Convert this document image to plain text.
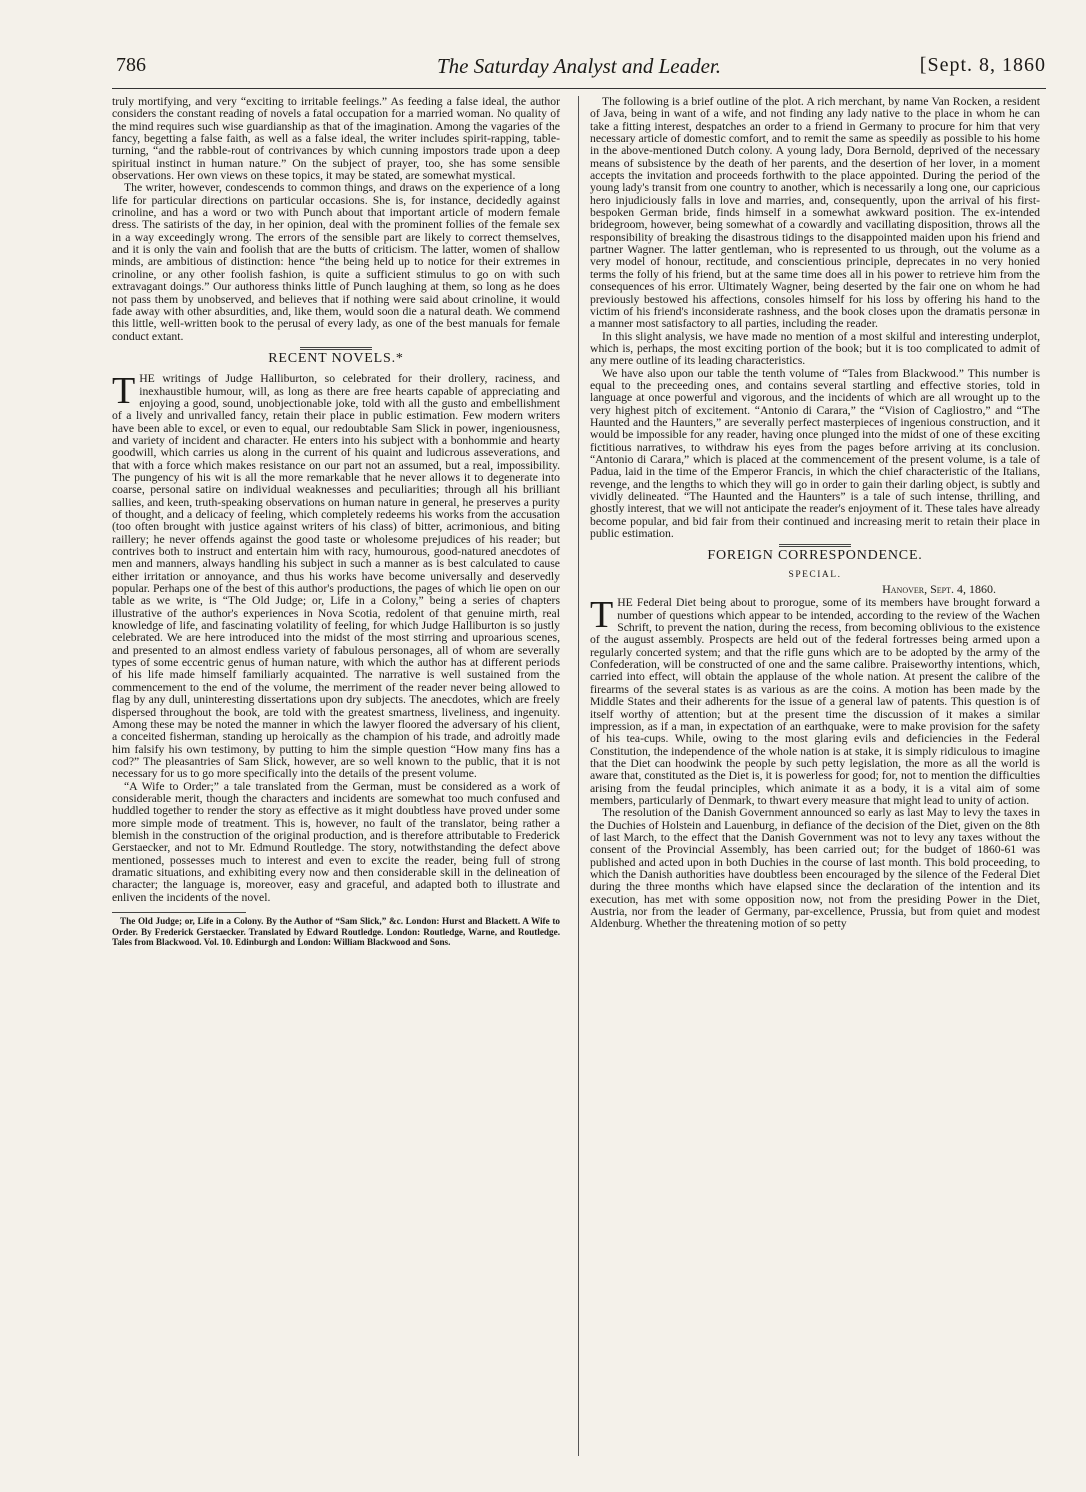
786	The Saturday Analyst and Leader.	[Sept. 8, 1860

truly mortifying, and very “exciting to irritable feelings.” As feeding a false ideal, the author considers the constant reading of novels a fatal occupation for a married woman. No quality of the mind requires such wise guardianship as that of the imagination. Among the vagaries of the fancy, begetting a false faith, as well as a false ideal, the writer includes spirit-rapping, table-turning, “and the rabble-rout of contrivances by which cunning impostors trade upon a deep spiritual instinct in human nature.” On the subject of prayer, too, she has some sensible observations. Her own views on these topics, it may be stated, are somewhat mystical.

The writer, however, condescends to common things, and draws on the experience of a long life for particular directions on particular occasions. She is, for instance, decidedly against crinoline, and has a word or two with Punch about that important article of modern female dress. The satirists of the day, in her opinion, deal with the prominent follies of the female sex in a way exceedingly wrong. The errors of the sensible part are likely to correct themselves, and it is only the vain and foolish that are the butts of criticism. The latter, women of shallow minds, are ambitious of distinction: hence “the being held up to notice for their extremes in crinoline, or any other foolish fashion, is quite a sufficient stimulus to go on with such extravagant doings.” Our authoress thinks little of Punch laughing at them, so long as he does not pass them by unobserved, and believes that if nothing were said about crinoline, it would fade away with other absurdities, and, like them, would soon die a natural death. We commend this little, well-written book to the perusal of every lady, as one of the best manuals for female conduct extant.

RECENT NOVELS.*

THE writings of Judge Halliburton, so celebrated for their drollery, raciness, and inexhaustible humour, will, as long as there are free hearts capable of appreciating and enjoying a good, sound, unobjectionable joke, told with all the gusto and embellishment of a lively and unrivalled fancy, retain their place in public estimation. Few modern writers have been able to excel, or even to equal, our redoubtable Sam Slick in power, ingeniousness, and variety of incident and character. He enters into his subject with a bonhommie and hearty goodwill, which carries us along in the current of his quaint and ludicrous asseverations, and that with a force which makes resistance on our part not an assumed, but a real, impossibility. The pungency of his wit is all the more remarkable that he never allows it to degenerate into coarse, personal satire on individual weaknesses and peculiarities; through all his brilliant sallies, and keen, truth-speaking observations on human nature in general, he preserves a purity of thought, and a delicacy of feeling, which completely redeems his works from the accusation (too often brought with justice against writers of his class) of bitter, acrimonious, and biting raillery; he never offends against the good taste or wholesome prejudices of his reader; but contrives both to instruct and entertain him with racy, humourous, good-natured anecdotes of men and manners, always handling his subject in such a manner as is best calculated to cause either irritation or annoyance, and thus his works have become universally and deservedly popular. Perhaps one of the best of this author's productions, the pages of which lie open on our table as we write, is “The Old Judge; or, Life in a Colony,” being a series of chapters illustrative of the author's experiences in Nova Scotia, redolent of that genuine mirth, real knowledge of life, and fascinating volatility of feeling, for which Judge Halliburton is so justly celebrated. We are here introduced into the midst of the most stirring and uproarious scenes, and presented to an almost endless variety of fabulous personages, all of whom are severally types of some eccentric genus of human nature, with which the author has at different periods of his life made himself familiarly acquainted. The narrative is well sustained from the commencement to the end of the volume, the merriment of the reader never being allowed to flag by any dull, uninteresting dissertations upon dry subjects. The anecdotes, which are freely dispersed throughout the book, are told with the greatest smartness, liveliness, and ingenuity. Among these may be noted the manner in which the lawyer floored the adversary of his client, a conceited fisherman, standing up heroically as the champion of his trade, and adroitly made him falsify his own testimony, by putting to him the simple question “How many fins has a cod?” The pleasantries of Sam Slick, however, are so well known to the public, that it is not necessary for us to go more specifically into the details of the present volume.

“A Wife to Order;” a tale translated from the German, must be considered as a work of considerable merit, though the characters and incidents are somewhat too much confused and huddled together to render the story as effective as it might doubtless have proved under some more simple mode of treatment. This is, however, no fault of the translator, being rather a blemish in the construction of the original production, and is therefore attributable to Frederick Gerstaecker, and not to Mr. Edmund Routledge. The story, notwithstanding the defect above mentioned, possesses much to interest and even to excite the reader, being full of strong dramatic situations, and exhibiting every now and then considerable skill in the delineation of character; the language is, moreover, easy and graceful, and adapted both to illustrate and enliven the incidents of the novel.

The Old Judge; or, Life in a Colony. By the Author of “Sam Slick,” &c. London: Hurst and Blackett. A Wife to Order. By Frederick Gerstaecker. Translated by Edward Routledge. London: Routledge, Warne, and Routledge. Tales from Blackwood. Vol. 10. Edinburgh and London: William Blackwood and Sons.

The following is a brief outline of the plot. A rich merchant, by name Van Rocken, a resident of Java, being in want of a wife, and not finding any lady native to the place in whom he can take a fitting interest, despatches an order to a friend in Germany to procure for him that very necessary article of domestic comfort, and to remit the same as speedily as possible to his home in the above-mentioned Dutch colony. A young lady, Dora Bernold, deprived of the necessary means of subsistence by the death of her parents, and the desertion of her lover, in a moment accepts the invitation and proceeds forthwith to the place appointed. During the period of the young lady's transit from one country to another, which is necessarily a long one, our capricious hero injudiciously falls in love and marries, and, consequently, upon the arrival of his first-bespoken German bride, finds himself in a somewhat awkward position. The ex-intended bridegroom, however, being somewhat of a cowardly and vacillating disposition, throws all the responsibility of breaking the disastrous tidings to the disappointed maiden upon his friend and partner Wagner. The latter gentleman, who is represented to us through, out the volume as a very model of honour, rectitude, and conscientious principle, deprecates in no very honied terms the folly of his friend, but at the same time does all in his power to retrieve him from the consequences of his error. Ultimately Wagner, being deserted by the fair one on whom he had previously bestowed his affections, consoles himself for his loss by offering his hand to the victim of his friend's inconsiderate rashness, and the book closes upon the dramatis personæ in a manner most satisfactory to all parties, including the reader.

In this slight analysis, we have made no mention of a most skilful and interesting underplot, which is, perhaps, the most exciting portion of the book; but it is too complicated to admit of any mere outline of its leading characteristics.

We have also upon our table the tenth volume of “Tales from Blackwood.” This number is equal to the preceeding ones, and contains several startling and effective stories, told in language at once powerful and vigorous, and the incidents of which are all wrought up to the very highest pitch of excitement. “Antonio di Carara,” the “Vision of Cagliostro,” and “The Haunted and the Haunters,” are severally perfect masterpieces of ingenious construction, and it would be impossible for any reader, having once plunged into the midst of one of these exciting fictitious narratives, to withdraw his eyes from the pages before arriving at its conclusion. “Antonio di Carara,” which is placed at the commencement of the present volume, is a tale of Padua, laid in the time of the Emperor Francis, in which the chief characteristic of the Italians, revenge, and the lengths to which they will go in order to gain their darling object, is subtly and vividly delineated. “The Haunted and the Haunters” is a tale of such intense, thrilling, and ghostly interest, that we will not anticipate the reader's enjoyment of it. These tales have already become popular, and bid fair from their continued and increasing merit to retain their place in public estimation.

FOREIGN CORRESPONDENCE.
SPECIAL.
Hanover, Sept. 4, 1860.

THE Federal Diet being about to prorogue, some of its members have brought forward a number of questions which appear to be intended, according to the review of the Wachen Schrift, to prevent the nation, during the recess, from becoming oblivious to the existence of the august assembly. Prospects are held out of the federal fortresses being armed upon a regularly concerted system; and that the rifle guns which are to be adopted by the army of the Confederation, will be constructed of one and the same calibre. Praiseworthy intentions, which, carried into effect, will obtain the applause of the whole nation. At present the calibre of the firearms of the several states is as various as are the coins. A motion has been made by the Middle States and their adherents for the issue of a general law of patents. This question is of itself worthy of attention; but at the present time the discussion of it makes a similar impression, as if a man, in expectation of an earthquake, were to make provision for the safety of his tea-cups. While, owing to the most glaring evils and deficiencies in the Federal Constitution, the independence of the whole nation is at stake, it is simply ridiculous to imagine that the Diet can hoodwink the people by such petty legislation, the more as all the world is aware that, constituted as the Diet is, it is powerless for good; for, not to mention the difficulties arising from the feudal principles, which animate it as a body, it is a vital aim of some members, particularly of Denmark, to thwart every measure that might lead to unity of action.

The resolution of the Danish Government announced so early as last May to levy the taxes in the Duchies of Holstein and Lauenburg, in defiance of the decision of the Diet, given on the 8th of last March, to the effect that the Danish Government was not to levy any taxes without the consent of the Provincial Assembly, has been carried out; for the budget of 1860-61 was published and acted upon in both Duchies in the course of last month. This bold proceeding, to which the Danish authorities have doubtless been encouraged by the silence of the Federal Diet during the three months which have elapsed since the declaration of the intention and its execution, has met with some opposition now, not from the presiding Power in the Diet, Austria, nor from the leader of Germany, par-excellence, Prussia, but from quiet and modest Aldenburg. Whether the threatening motion of so petty
